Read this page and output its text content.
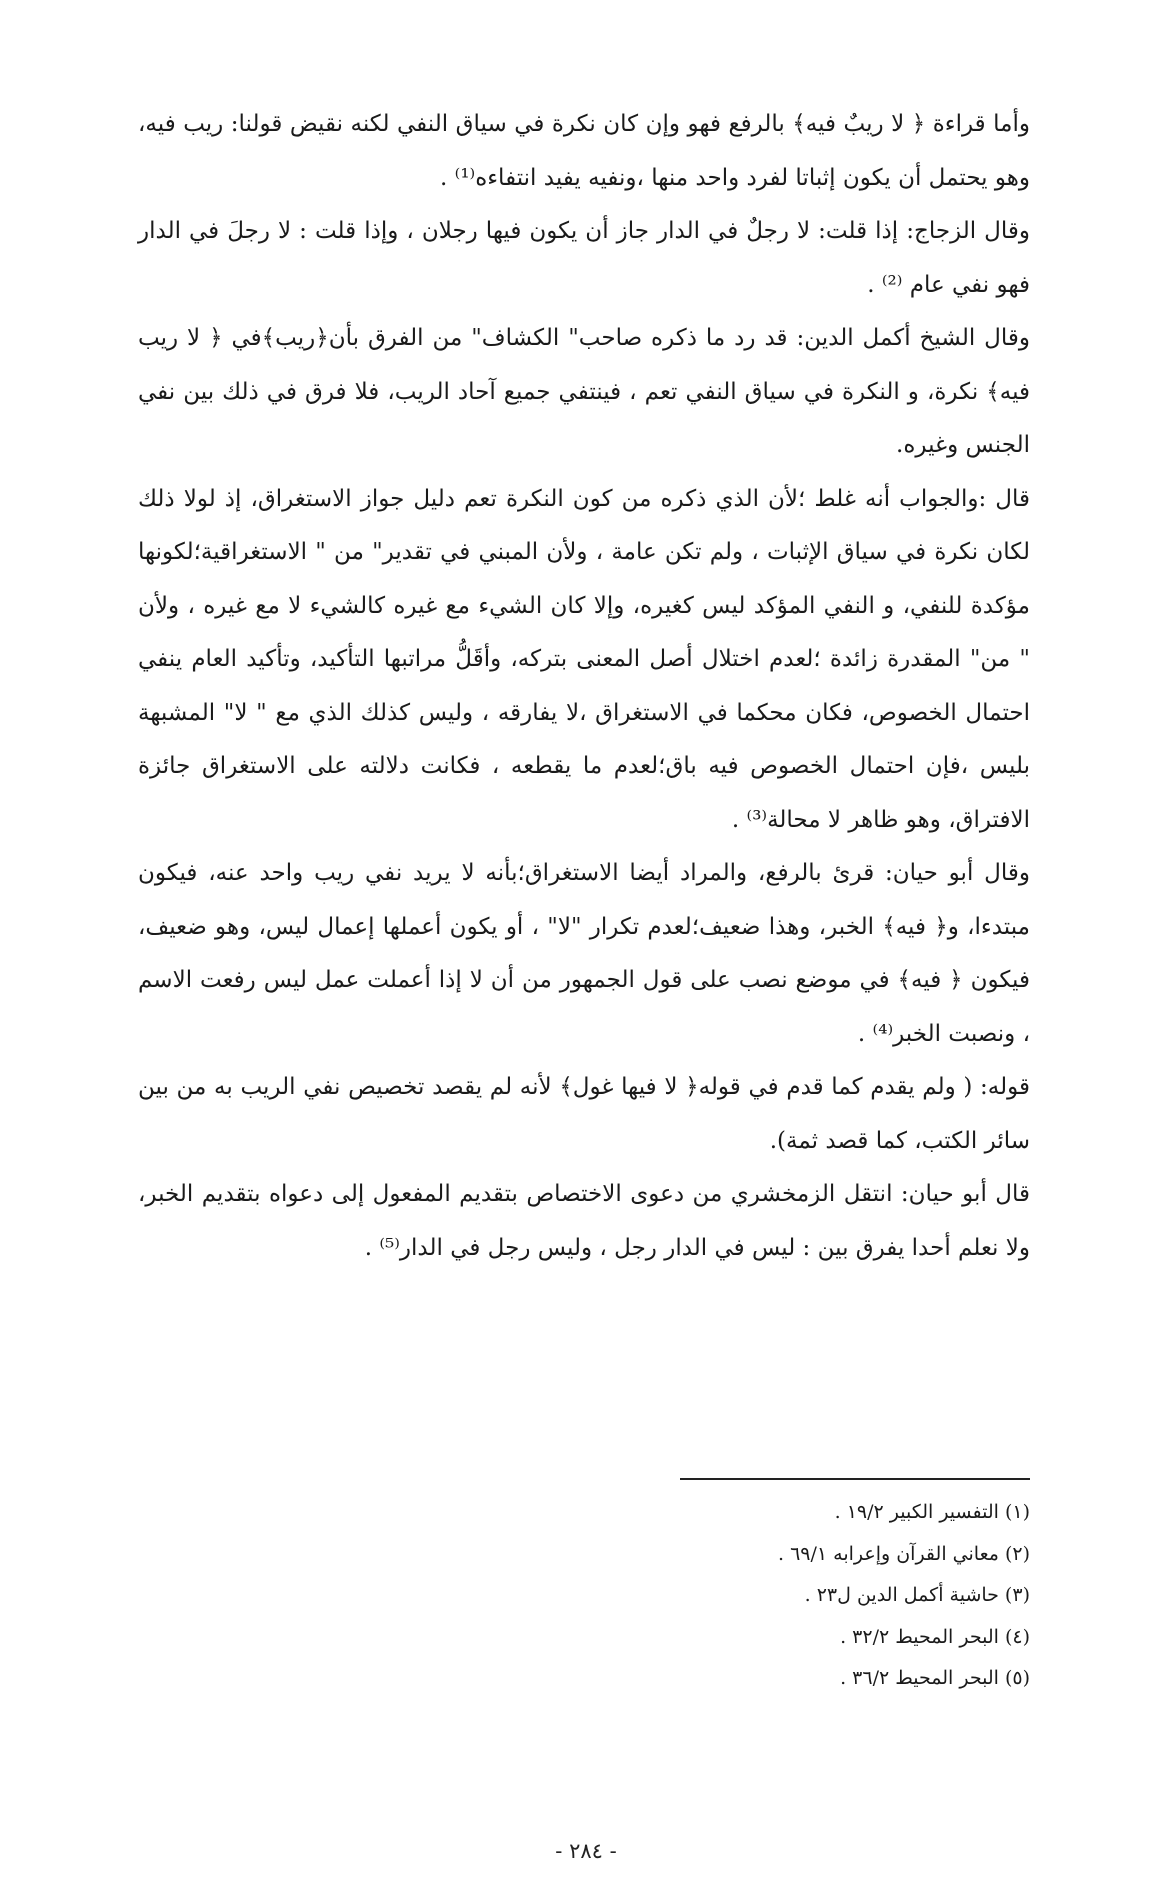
وأما قراءة ﴿ لا ريبٌ فيه﴾ بالرفع فهو وإن كان نكرة في سياق النفي لكنه نقيض قولنا: ريب فيه، وهو يحتمل أن يكون إثباتا لفرد واحد منها ،ونفيه يفيد انتفاءه⁽¹⁾ .

وقال الزجاج: إذا قلت: لا رجلٌ في الدار جاز أن يكون فيها رجلان ، وإذا قلت : لا رجلَ في الدار فهو نفي عام ⁽²⁾ .

وقال الشيخ أكمل الدين: قد رد ما ذكره صاحب" الكشاف" من الفرق بأن﴿ريب﴾في ﴿ لا ريب فيه﴾ نكرة، و النكرة في سياق النفي تعم ، فينتفي جميع آحاد الريب، فلا فرق في ذلك بين نفي الجنس وغيره.

قال :والجواب أنه غلط ؛لأن الذي ذكره من كون النكرة تعم دليل جواز الاستغراق، إذ لولا ذلك لكان نكرة في سياق الإثبات ، ولم تكن عامة ، ولأن المبني في تقدير" من " الاستغراقية؛لكونها مؤكدة للنفي، و النفي المؤكد ليس كغيره، وإلا كان الشيء مع غيره كالشيء لا مع غيره ، ولأن " من" المقدرة زائدة ؛لعدم اختلال أصل المعنى بتركه، وأقَلُّ مراتبها التأكيد، وتأكيد العام ينفي احتمال الخصوص، فكان محكما في الاستغراق ،لا يفارقه ، وليس كذلك الذي مع " لا" المشبهة بليس ،فإن احتمال الخصوص فيه باق؛لعدم ما يقطعه ، فكانت دلالته على الاستغراق جائزة الافتراق، وهو ظاهر لا محالة⁽³⁾ .

وقال أبو حيان: قرئ بالرفع، والمراد أيضا الاستغراق؛بأنه لا يريد نفي ريب واحد عنه، فيكون مبتدءا، و﴿ فيه﴾ الخبر، وهذا ضعيف؛لعدم تكرار "لا" ، أو يكون أعملها إعمال ليس، وهو ضعيف، فيكون ﴿ فيه﴾ في موضع نصب على قول الجمهور من أن لا إذا أعملت عمل ليس رفعت الاسم ، ونصبت الخبر⁽⁴⁾ .

قوله: ( ولم يقدم كما قدم في قوله﴿ لا فيها غول﴾ لأنه لم يقصد تخصيص نفي الريب به من بين سائر الكتب، كما قصد ثمة).

قال أبو حيان: انتقل الزمخشري من دعوى الاختصاص بتقديم المفعول إلى دعواه بتقديم الخبر، ولا نعلم أحدا يفرق بين : ليس في الدار رجل ، وليس رجل في الدار⁽⁵⁾ .

(١) التفسير الكبير ١٩/٢ .
(٢) معاني القرآن وإعرابه ٦٩/١ .
(٣) حاشية أكمل الدين ل٢٣ .
(٤) البحر المحيط ٣٢/٢ .
(٥) البحر المحيط ٣٦/٢ .
- ٢٨٤ -
